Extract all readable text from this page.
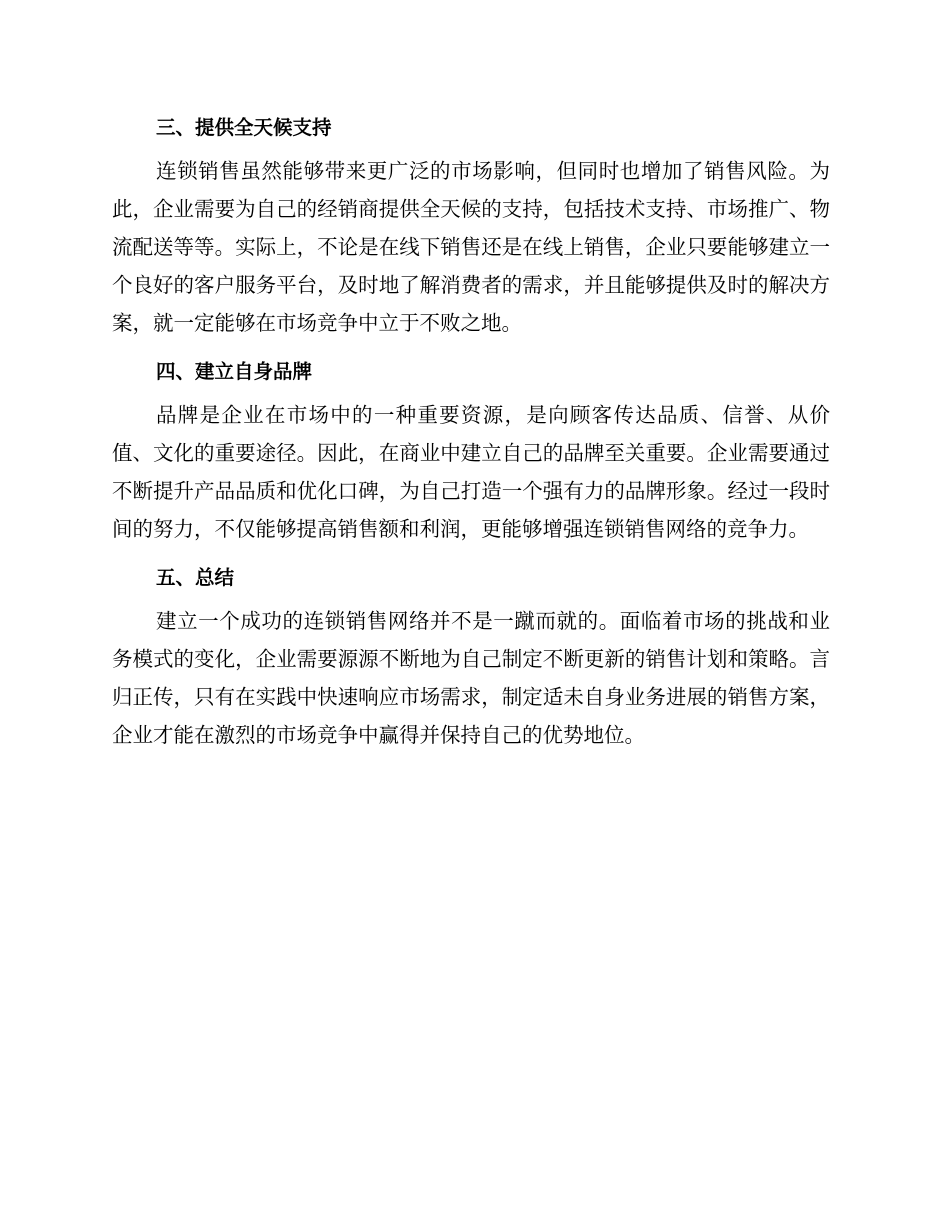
三、提供全天候支持

连锁销售虽然能够带来更广泛的市场影响，但同时也增加了销售风险。为此，企业需要为自己的经销商提供全天候的支持，包括技术支持、市场推广、物流配送等等。实际上，不论是在线下销售还是在线上销售，企业只要能够建立一个良好的客户服务平台，及时地了解消费者的需求，并且能够提供及时的解决方案，就一定能够在市场竞争中立于不败之地。

四、建立自身品牌

品牌是企业在市场中的一种重要资源，是向顾客传达品质、信誉、从价值、文化的重要途径。因此，在商业中建立自己的品牌至关重要。企业需要通过不断提升产品品质和优化口碑，为自己打造一个强有力的品牌形象。经过一段时间的努力，不仅能够提高销售额和利润，更能够增强连锁销售网络的竞争力。

五、总结

建立一个成功的连锁销售网络并不是一蹴而就的。面临着市场的挑战和业务模式的变化，企业需要源源不断地为自己制定不断更新的销售计划和策略。言归正传，只有在实践中快速响应市场需求，制定适未自身业务进展的销售方案，企业才能在激烈的市场竞争中赢得并保持自己的优势地位。
